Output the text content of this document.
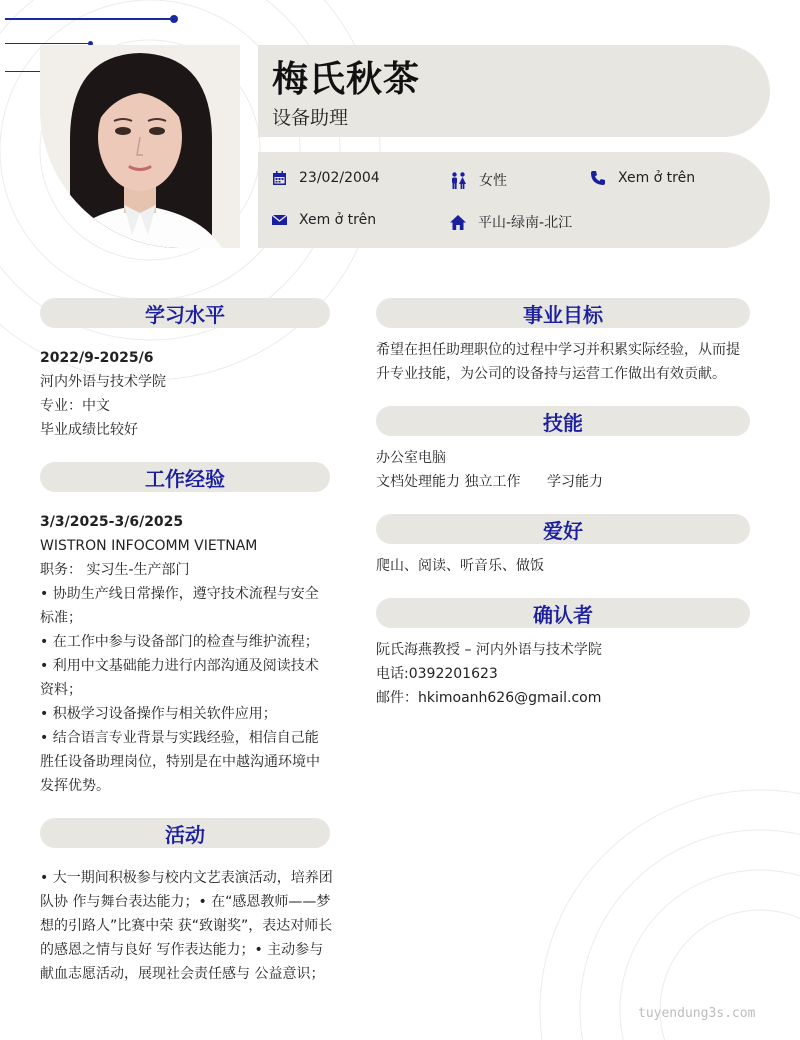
梅氏秋茶
设备助理
23/02/2004	女性	Xem ở trên
Xem ở trên	平山-绿南-北江
学习水平
2022/9-2025/6
河内外语与技术学院
专业：中文
毕业成绩比较好
工作经验
3/3/2025-3/6/2025
WISTRON INFOCOMM VIETNAM
职务： 实习生-生产部门
• 协助生产线日常操作，遵守技术流程与安全
标准；
• 在工作中参与设备部门的检查与维护流程；
• 利用中文基础能力进行内部沟通及阅读技术
资料；
• 积极学习设备操作与相关软件应用；
• 结合语言专业背景与实践经验，相信自己能
胜任设备助理岗位，特别是在中越沟通环境中
发挥优势。
活动
• 大一期间积极参与校内文艺表演活动，培养团
队协 作与舞台表达能力；• 在“感恩教师——梦
想的引路人”比赛中荣 获“致谢奖”，表达对师长
的感恩之情与良好 写作表达能力；• 主动参与
献血志愿活动，展现社会责任感与 公益意识；
事业目标
希望在担任助理职位的过程中学习并积累实际经验，从而提
升专业技能，为公司的设备持与运营工作做出有效贡献。
技能
办公室电脑
文档处理能力 独立工作 学习能力
爱好
爬山、阅读、听音乐、做饭
确认者
阮氏海燕教授 – 河内外语与技术学院
电话:0392201623
邮件：hkimoanh626@gmail.com
tuyendung3s.com
